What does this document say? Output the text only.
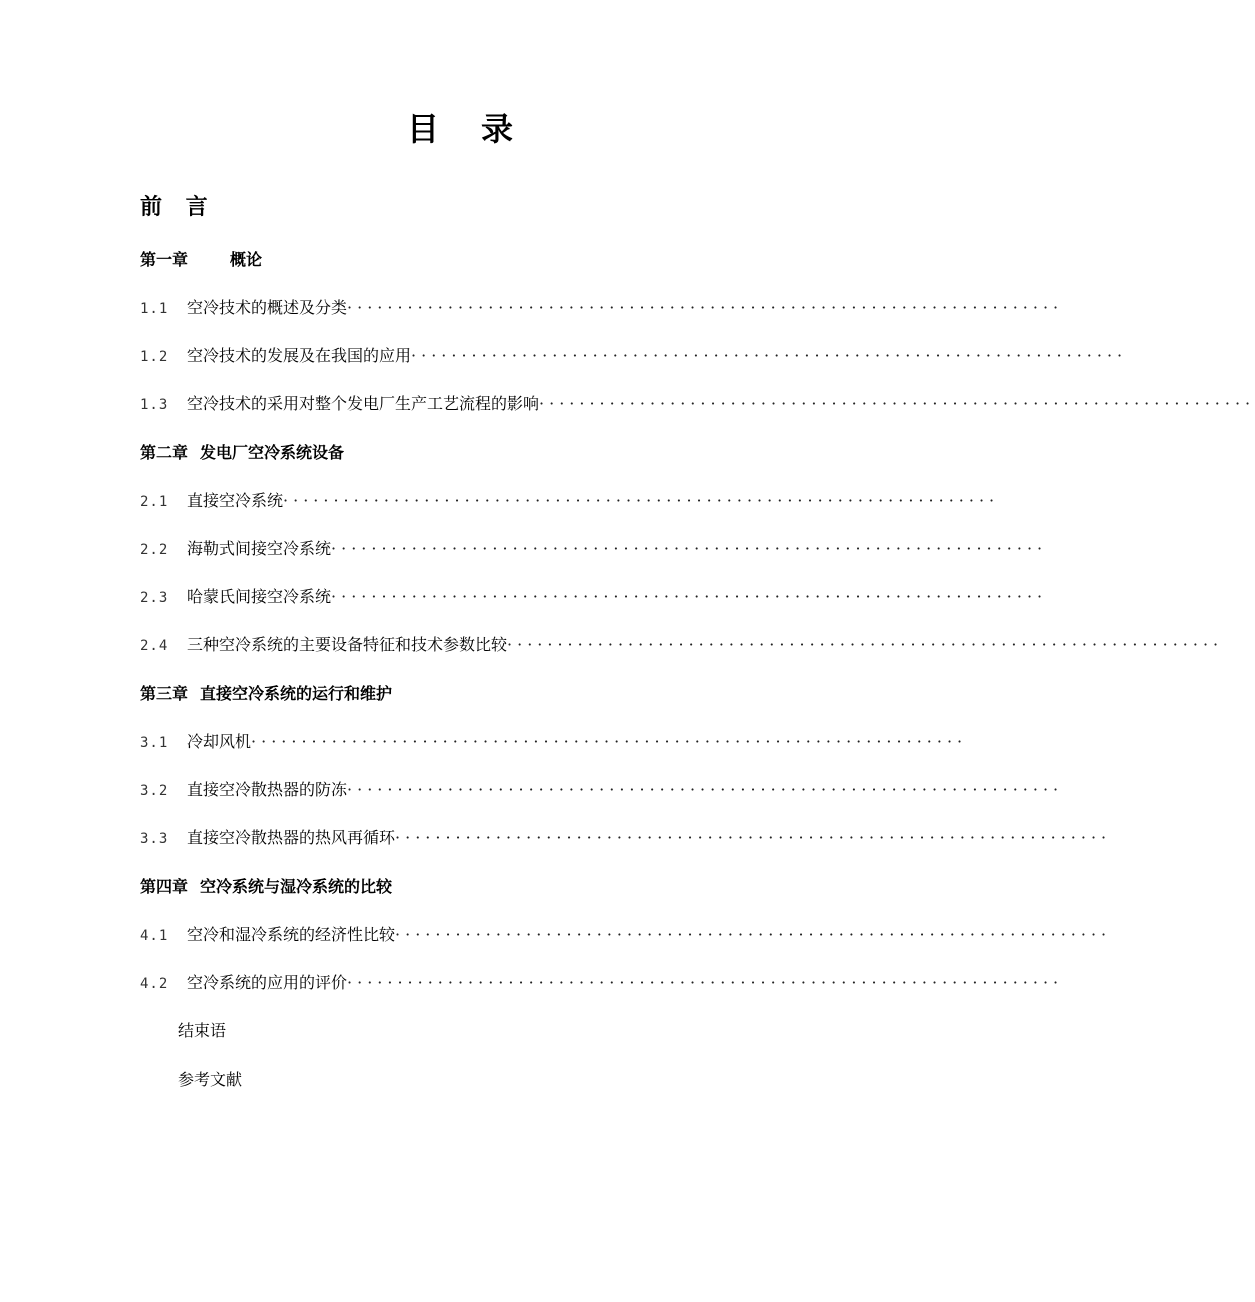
目 录
前 言
第一章	概论
1.1 空冷技术的概述及分类·······································································
1.2 空冷技术的发展及在我国的应用·······································································
1.3 空冷技术的采用对整个发电厂生产工艺流程的影响·······································································
第二章 发电厂空冷系统设备
2.1 直接空冷系统·······································································
2.2 海勒式间接空冷系统·······································································
2.3 哈蒙氏间接空冷系统·······································································
2.4 三种空冷系统的主要设备特征和技术参数比较·······································································
第三章 直接空冷系统的运行和维护
3.1 冷却风机·······································································
3.2 直接空冷散热器的防冻·······································································
3.3 直接空冷散热器的热风再循环·······································································
第四章 空冷系统与湿冷系统的比较
4.1 空冷和湿冷系统的经济性比较·······································································
4.2 空冷系统的应用的评价·······································································
结束语
参考文献
